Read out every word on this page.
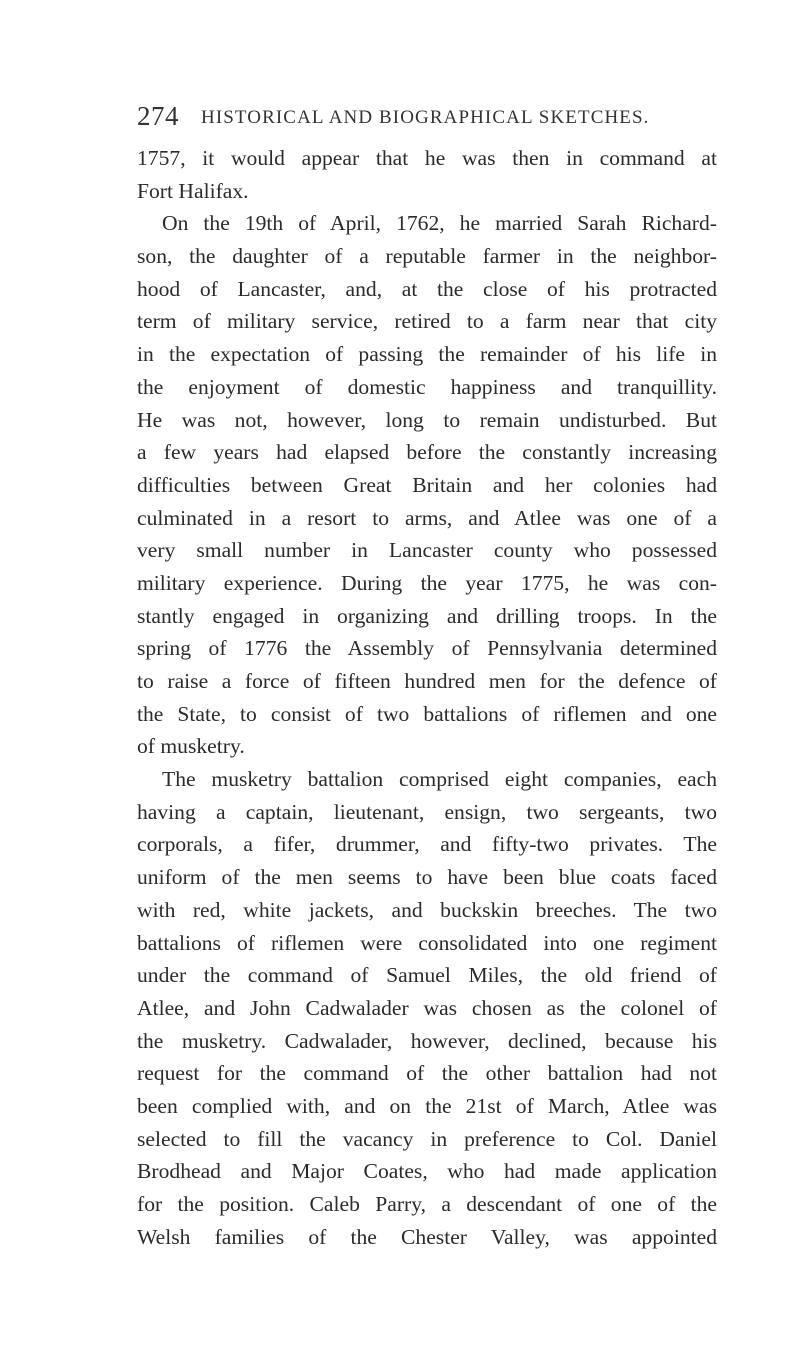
274 HISTORICAL AND BIOGRAPHICAL SKETCHES.
1757, it would appear that he was then in command at
Fort Halifax.
On the 19th of April, 1762, he married Sarah Richard-
son, the daughter of a reputable farmer in the neighbor-
hood of Lancaster, and, at the close of his protracted
term of military service, retired to a farm near that city
in the expectation of passing the remainder of his life in
the enjoyment of domestic happiness and tranquillity.
He was not, however, long to remain undisturbed. But
a few years had elapsed before the constantly increasing
difficulties between Great Britain and her colonies had
culminated in a resort to arms, and Atlee was one of a
very small number in Lancaster county who possessed
military experience. During the year 1775, he was con-
stantly engaged in organizing and drilling troops. In the
spring of 1776 the Assembly of Pennsylvania determined
to raise a force of fifteen hundred men for the defence of
the State, to consist of two battalions of riflemen and one
of musketry.
The musketry battalion comprised eight companies, each
having a captain, lieutenant, ensign, two sergeants, two
corporals, a fifer, drummer, and fifty-two privates. The
uniform of the men seems to have been blue coats faced
with red, white jackets, and buckskin breeches. The two
battalions of riflemen were consolidated into one regiment
under the command of Samuel Miles, the old friend of
Atlee, and John Cadwalader was chosen as the colonel of
the musketry. Cadwalader, however, declined, because his
request for the command of the other battalion had not
been complied with, and on the 21st of March, Atlee was
selected to fill the vacancy in preference to Col. Daniel
Brodhead and Major Coates, who had made application
for the position. Caleb Parry, a descendant of one of the
Welsh families of the Chester Valley, was appointed
